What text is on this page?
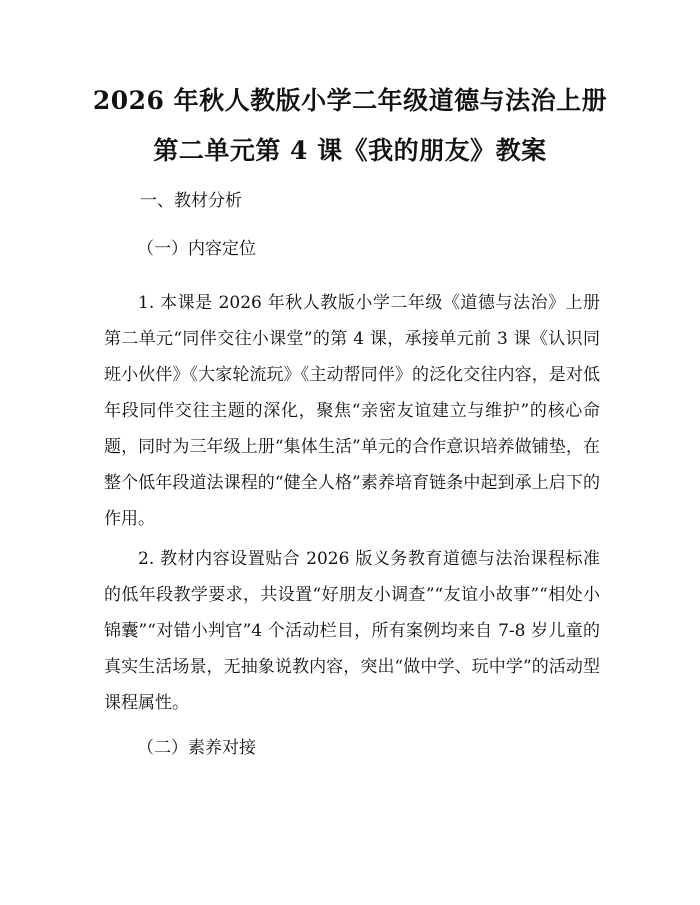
2026 年秋人教版小学二年级道德与法治上册
第二单元第 4 课《我的朋友》教案
一、教材分析
（一）内容定位

1. 本课是 2026 年秋人教版小学二年级《道德与法治》上册第二单元“同伴交往小课堂”的第 4 课，承接单元前 3 课《认识同班小伙伴》《大家轮流玩》《主动帮同伴》的泛化交往内容，是对低年段同伴交往主题的深化，聚焦“亲密友谊建立与维护”的核心命题，同时为三年级上册“集体生活”单元的合作意识培养做铺垫，在整个低年段道法课程的“健全人格”素养培育链条中起到承上启下的作用。

2. 教材内容设置贴合 2026 版义务教育道德与法治课程标准的低年段教学要求，共设置“好朋友小调查”“友谊小故事”“相处小锦囊”“对错小判官”4 个活动栏目，所有案例均来自 7-8 岁儿童的真实生活场景，无抽象说教内容，突出“做中学、玩中学”的活动型课程属性。

（二）素养对接
